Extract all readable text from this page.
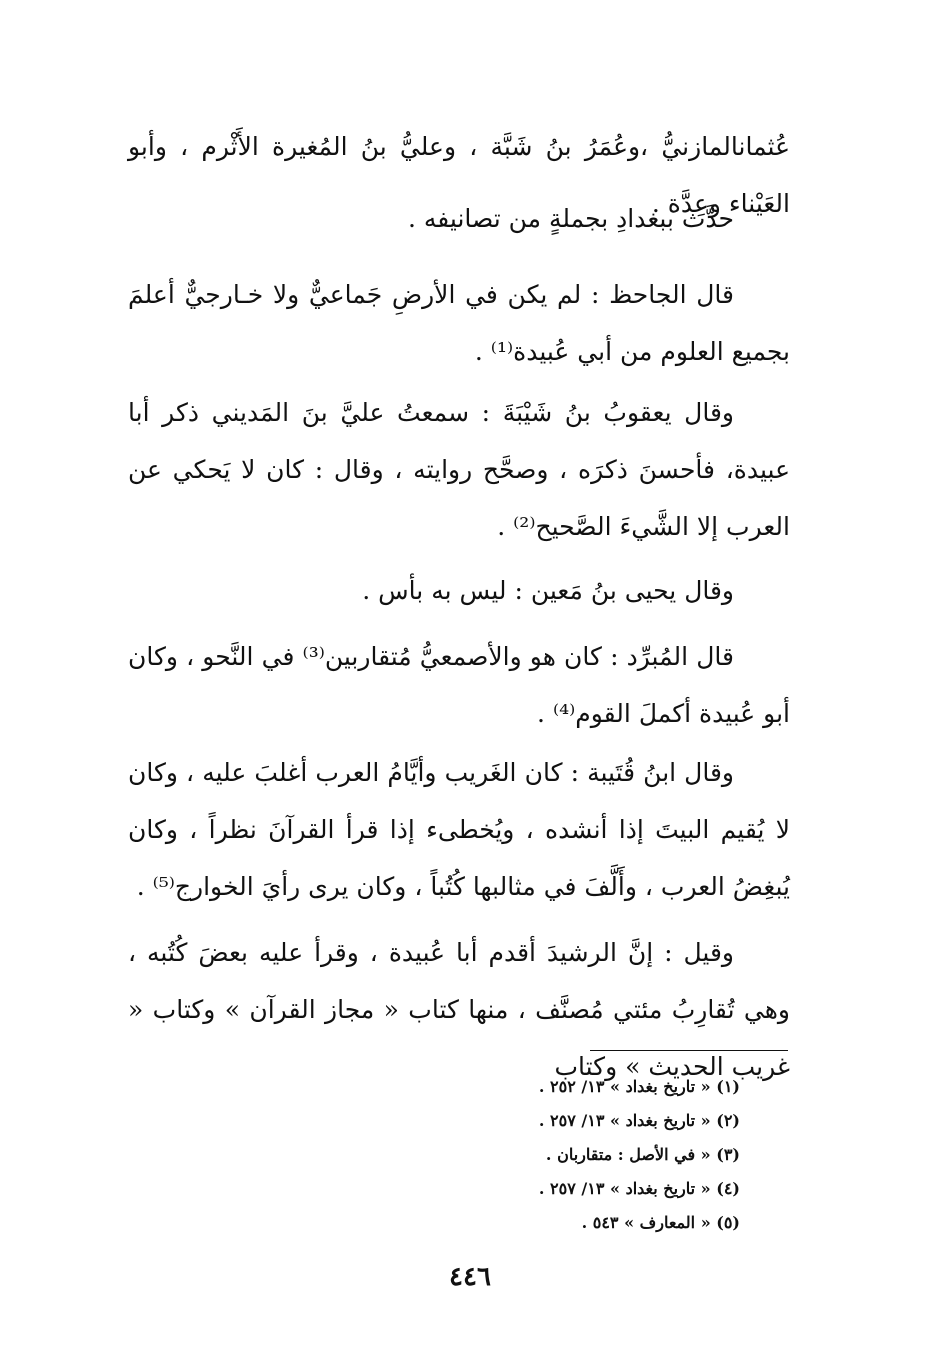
عُثمانالمازنيُّ ،وعُمَرُ بنُ شَبَّة ، وعليُّ بنُ المُغيرة الأَثْرم ، وأبو العَيْناء وعِدَّة .

حدَّث ببغدادِ بجملةٍ من تصانيفه .

قال الجاحظ : لم يكن في الأرضِ جَماعيٌّ ولا خـارجيٌّ أعلمَ بجميع العلوم من أبي عُبيدة⁽¹⁾ .

وقال يعقوبُ بنُ شَيْبَةَ : سمعتُ عليَّ بنَ المَديني ذكر أبا عبيدة، فأحسنَ ذكرَه ، وصحَّح روايته ، وقال : كان لا يَحكي عن العرب إلا الشَّيءَ الصَّحيح⁽²⁾ .

وقال يحيى بنُ مَعين : ليس به بأس .

قال المُبرِّد : كان هو والأصمعيُّ مُتقاربين⁽³⁾ في النَّحو ، وكان أبو عُبيدة أكملَ القوم⁽⁴⁾ .

وقال ابنُ قُتَيبة : كان الغَريب وأيَّامُ العرب أغلبَ عليه ، وكان لا يُقيم البيتَ إذا أنشده ، ويُخطىء إذا قرأ القرآنَ نظراً ، وكان يُبغِضُ العرب ، وأَلَّفَ في مثالبها كُتُباً ، وكان يرى رأيَ الخوارج⁽⁵⁾ .

وقيل : إنَّ الرشيدَ أقدم أبا عُبيدة ، وقرأ عليه بعضَ كُتُبه ، وهي تُقارِبُ مئتي مُصنَّف ، منها كتاب « مجاز القرآن » وكتاب « غريب الحديث » وكتاب

(١) « تاريخ بغداد » ١٣/ ٢٥٢ .

(٢) « تاريخ بغداد » ١٣/ ٢٥٧ .

(٣) « في الأصل : متقاربان .

(٤) « تاريخ بغداد » ١٣/ ٢٥٧ .

(٥) « المعارف » ٥٤٣ .

٤٤٦
